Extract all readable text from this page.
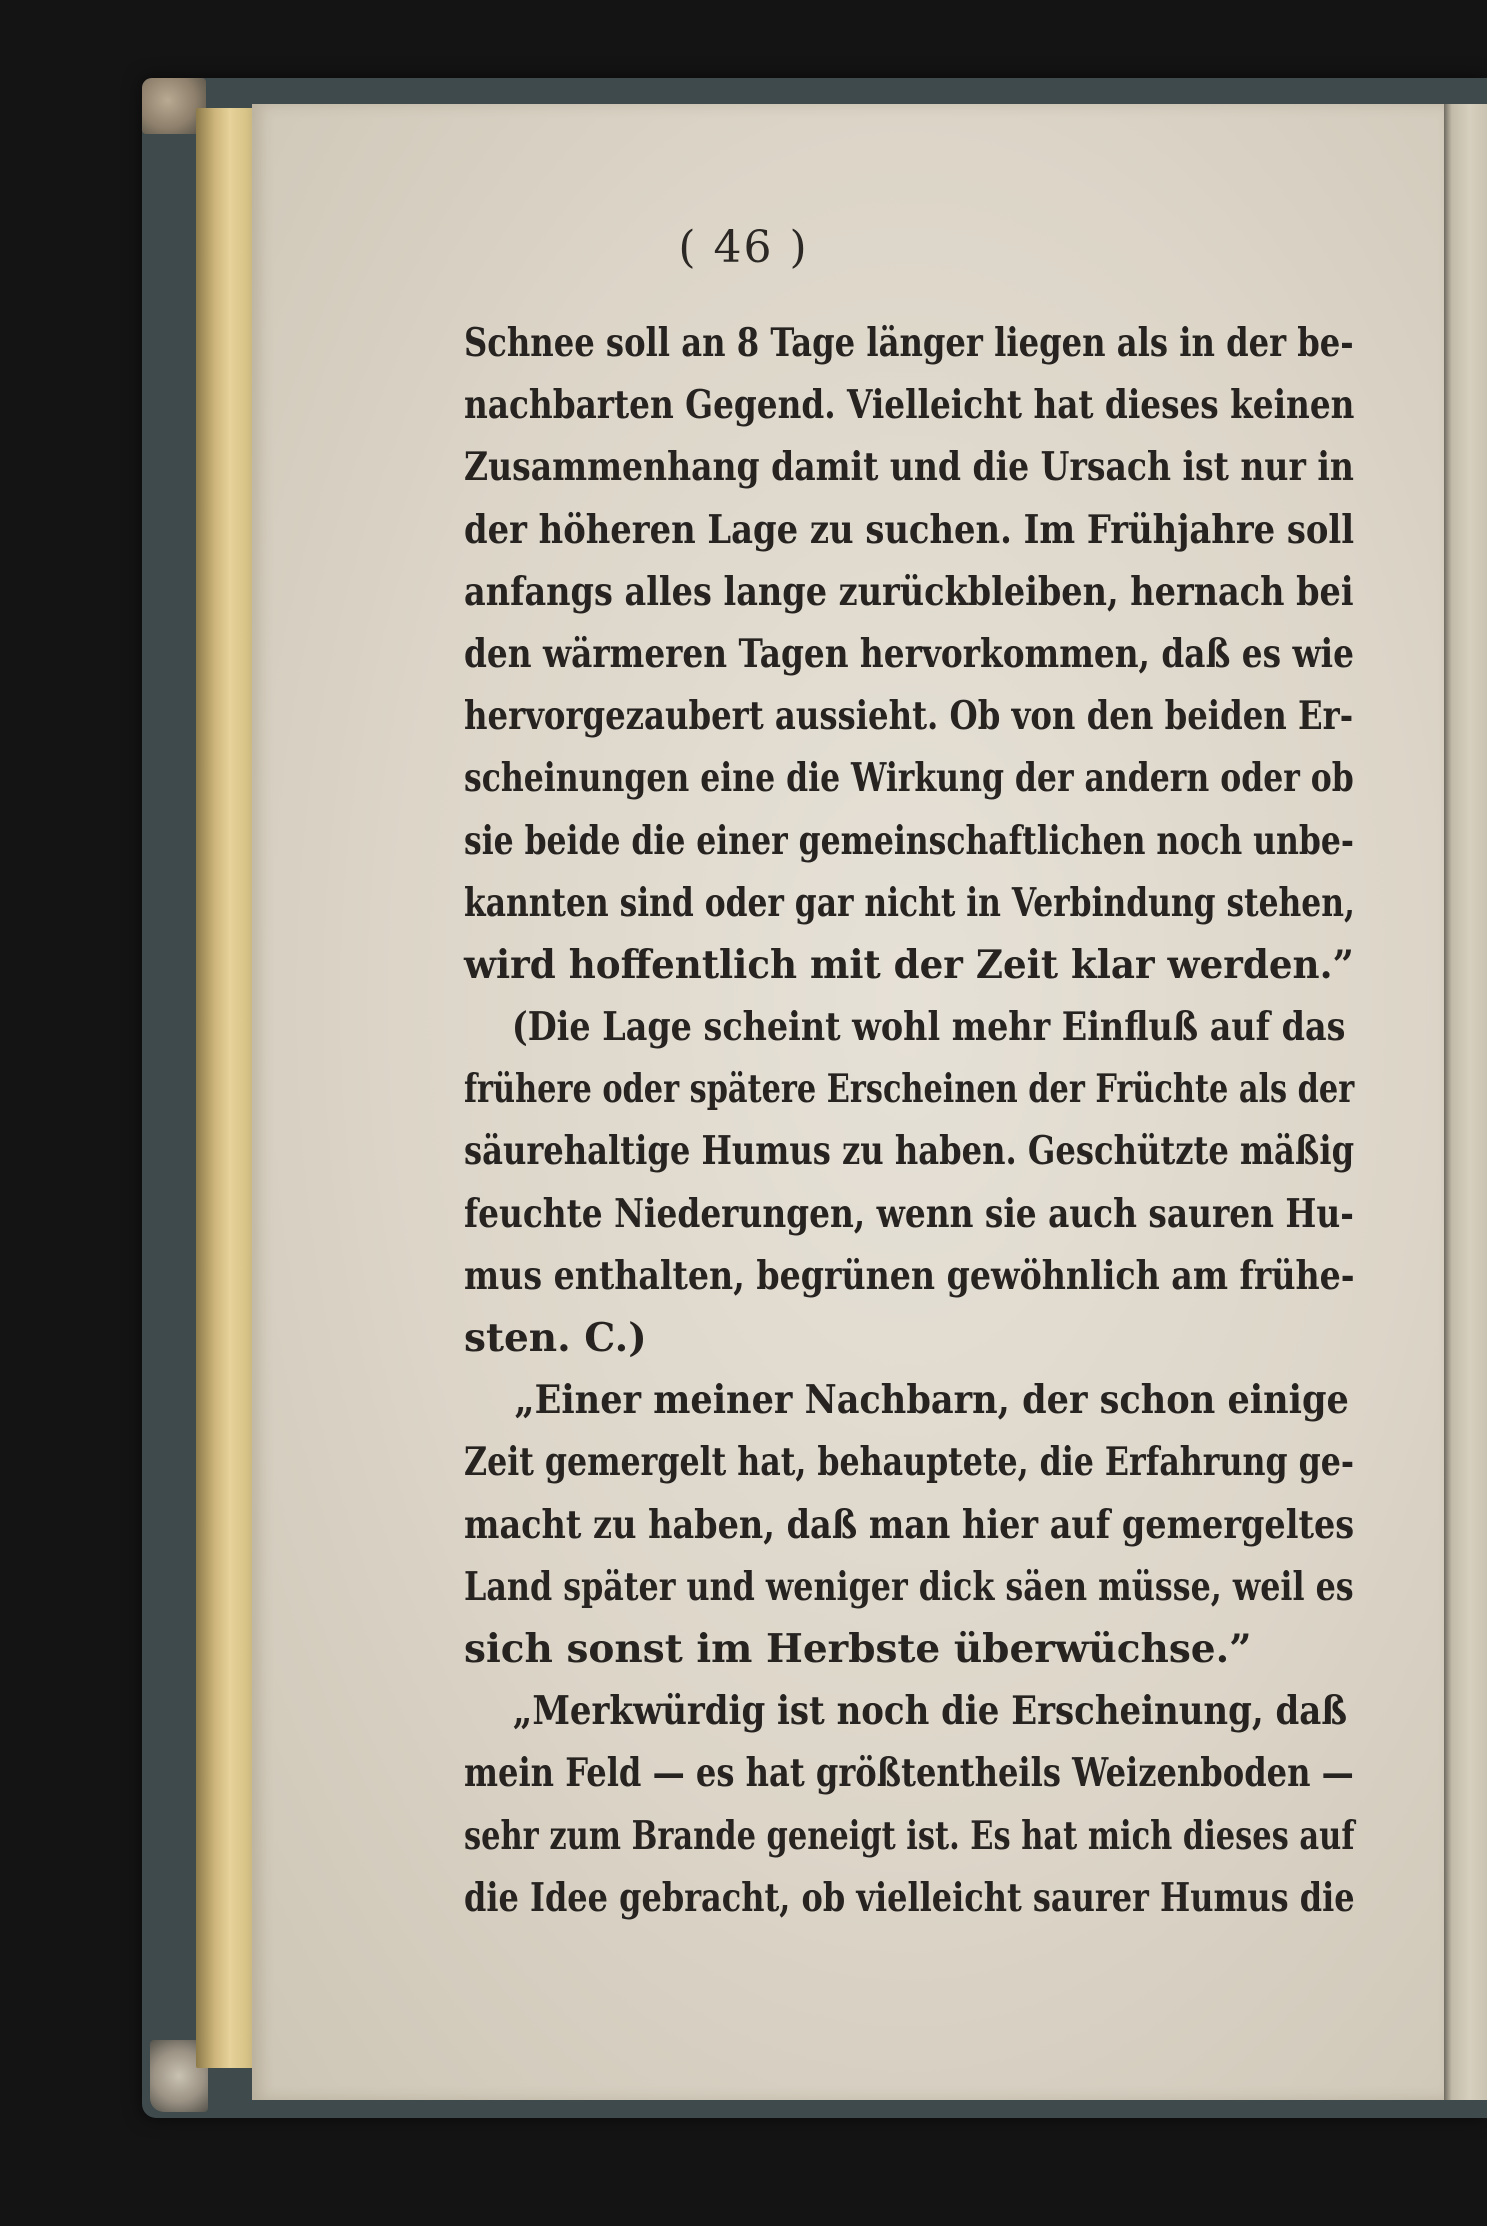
( 46 )
Schnee soll an 8 Tage länger liegen als in der be-
nachbarten Gegend. Vielleicht hat dieses keinen
Zusammenhang damit und die Ursach ist nur in
der höheren Lage zu suchen. Im Frühjahre soll
anfangs alles lange zurückbleiben, hernach bei
den wärmeren Tagen hervorkommen, daß es wie
hervorgezaubert aussieht. Ob von den beiden Er-
scheinungen eine die Wirkung der andern oder ob
sie beide die einer gemeinschaftlichen noch unbe-
kannten sind oder gar nicht in Verbindung stehen,
wird hoffentlich mit der Zeit klar werden.”
(Die Lage scheint wohl mehr Einfluß auf das
frühere oder spätere Erscheinen der Früchte als der
säurehaltige Humus zu haben. Geschützte mäßig
feuchte Niederungen, wenn sie auch sauren Hu-
mus enthalten, begrünen gewöhnlich am frühe-
sten. C.)
„Einer meiner Nachbarn, der schon einige
Zeit gemergelt hat, behauptete, die Erfahrung ge-
macht zu haben, daß man hier auf gemergeltes
Land später und weniger dick säen müsse, weil es
sich sonst im Herbste überwüchse.”
„Merkwürdig ist noch die Erscheinung, daß
mein Feld — es hat größtentheils Weizenboden —
sehr zum Brande geneigt ist. Es hat mich dieses auf
die Idee gebracht, ob vielleicht saurer Humus die
